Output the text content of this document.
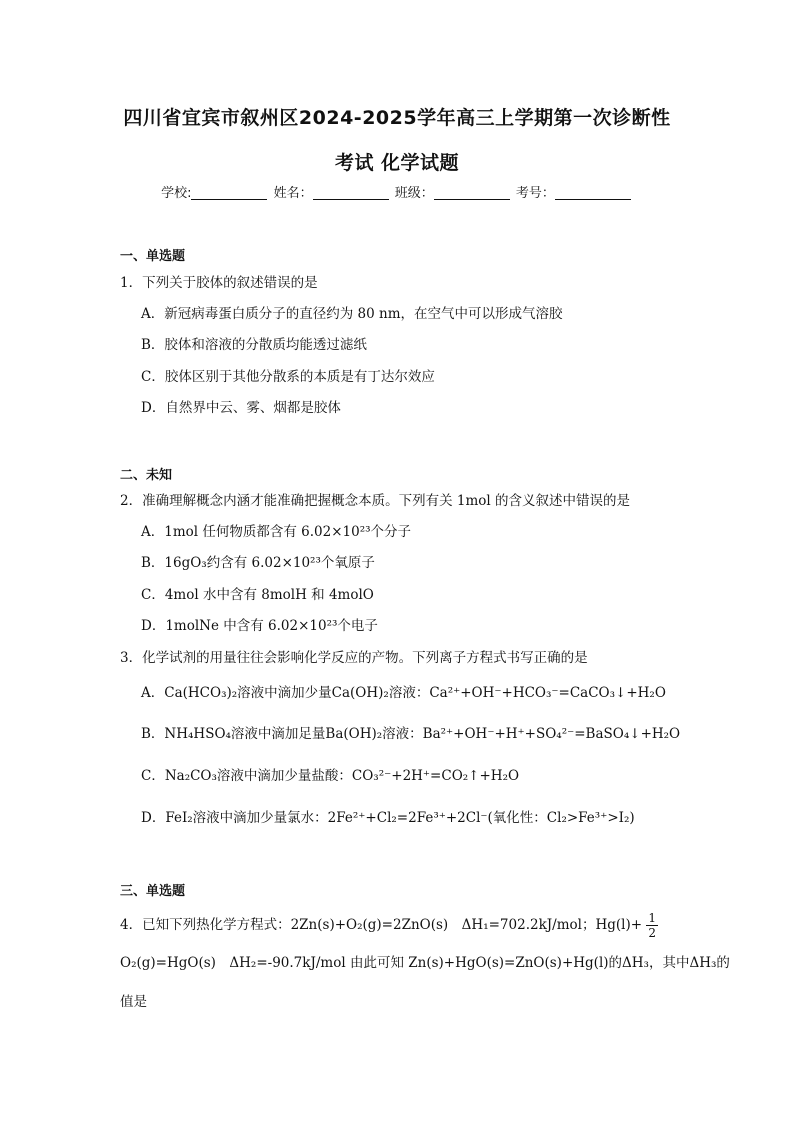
四川省宜宾市叙州区2024-2025学年高三上学期第一次诊断性
考试 化学试题
学校:	姓名：	班级：	考号：
一、单选题
1．下列关于胶体的叙述错误的是
A．新冠病毒蛋白质分子的直径约为 80 nm，在空气中可以形成气溶胶
B．胶体和溶液的分散质均能透过滤纸
C．胶体区别于其他分散系的本质是有丁达尔效应
D．自然界中云、雾、烟都是胶体
二、未知
2．准确理解概念内涵才能准确把握概念本质。下列有关 1mol 的含义叙述中错误的是
A．1mol 任何物质都含有 6.02×10²³个分子
B．16gO₃约含有 6.02×10²³个氧原子
C．4mol 水中含有 8molH 和 4molO
D．1molNe 中含有 6.02×10²³个电子
3．化学试剂的用量往往会影响化学反应的产物。下列离子方程式书写正确的是
A．Ca(HCO₃)₂溶液中滴加少量Ca(OH)₂溶液：Ca²⁺+OH⁻+HCO₃⁻=CaCO₃↓+H₂O
B．NH₄HSO₄溶液中滴加足量Ba(OH)₂溶液：Ba²⁺+OH⁻+H⁺+SO₄²⁻=BaSO₄↓+H₂O
C．Na₂CO₃溶液中滴加少量盐酸：CO₃²⁻+2H⁺=CO₂↑+H₂O
D．FeI₂溶液中滴加少量氯水：2Fe²⁺+Cl₂=2Fe³⁺+2Cl⁻(氧化性：Cl₂>Fe³⁺>I₂)
三、单选题
4．已知下列热化学方程式：2Zn(s)+O₂(g)=2ZnO(s)　ΔH₁=702.2kJ/mol；$Hg(l)+ \frac{1}{2}$
O₂(g)=HgO(s)　ΔH₂=-90.7kJ/mol 由此可知 Zn(s)+HgO(s)=ZnO(s)+Hg(l)的ΔH₃，其中ΔH₃的
值是
